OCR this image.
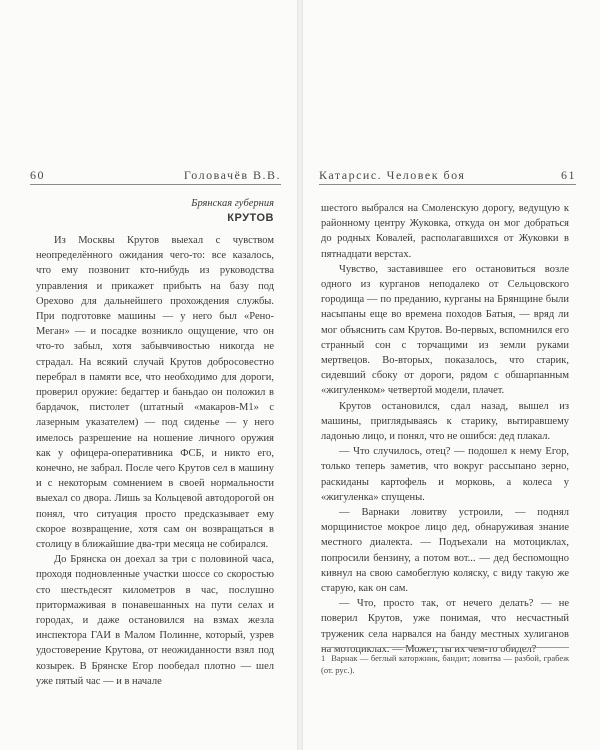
60	Головачёв В.В.
Брянская губерния
КРУТОВ

Из Москвы Крутов выехал с чувством неопределённого ожидания чего-то: все казалось, что ему позвонит кто-нибудь из руководства управления и прикажет прибыть на базу под Орехово для дальнейшего прохождения службы. При подготовке машины — у него был «Рено-Меган» — и посадке возникло ощущение, что он что-то забыл, хотя забывчивостью никогда не страдал. На всякий случай Крутов добросовестно перебрал в памяти все, что необходимо для дороги, проверил оружие: бедагтер и баньдао он положил в бардачок, пистолет (штатный «макаров-М1» с лазерным указателем) — под сиденье — у него имелось разрешение на ношение личного оружия как у офицера-оперативника ФСБ, и никто его, конечно, не забрал. После чего Крутов сел в машину и с некоторым сомнением в своей нормальности выехал со двора. Лишь за Кольцевой автодорогой он понял, что ситуация просто предсказывает ему скорое возвращение, хотя сам он возвращаться в столицу в ближайшие два-три месяца не собирался.

До Брянска он доехал за три с половиной часа, проходя подновленные участки шоссе со скоростью сто шестьдесят километров в час, послушно притормаживая в понавешанных на пути селах и городах, и даже остановился на взмах жезла инспектора ГАИ в Малом Полинне, который, узрев удостоверение Крутова, от неожиданности взял под козырек. В Брянске Егор пообедал плотно — шел уже пятый час — и в начале

Катарсис. Человек боя	61

шестого выбрался на Смоленскую дорогу, ведущую к районному центру Жуковка, откуда он мог добраться до родных Ковалей, располагавшихся от Жуковки в пятнадцати верстах.

Чувство, заставившее его остановиться возле одного из курганов неподалеко от Сельцовского городища — по преданию, курганы на Брянщине были насыпаны еще во времена походов Батыя, — вряд ли мог объяснить сам Крутов. Во-первых, вспомнился его странный сон с торчащими из земли руками мертвецов. Во-вторых, показалось, что старик, сидевший сбоку от дороги, рядом с обшарпанным «жигуленком» четвертой модели, плачет.

Крутов остановился, сдал назад, вышел из машины, приглядываясь к старику, вытиравшему ладонью лицо, и понял, что не ошибся: дед плакал.

— Что случилось, отец? — подошел к нему Егор, только теперь заметив, что вокруг рассыпано зерно, раскиданы картофель и морковь, а колеса у «жигуленка» спущены.

— Варнаки ловитву устроили, — поднял морщинистое мокрое лицо дед, обнаруживая знание местного диалекта. — Подъехали на мотоциклах, попросили бензину, а потом вот... — дед беспомощно кивнул на свою самобеглую коляску, с виду такую же старую, как он сам.

— Что, просто так, от нечего делать? — не поверил Крутов, уже понимая, что несчастный труженик села нарвался на банду местных хулиганов на мотоциклах. — Может, ты их чем-то обидел?

1 Варнак — беглый каторжник, бандит; ловитва — разбой, грабеж (от. рус.).
